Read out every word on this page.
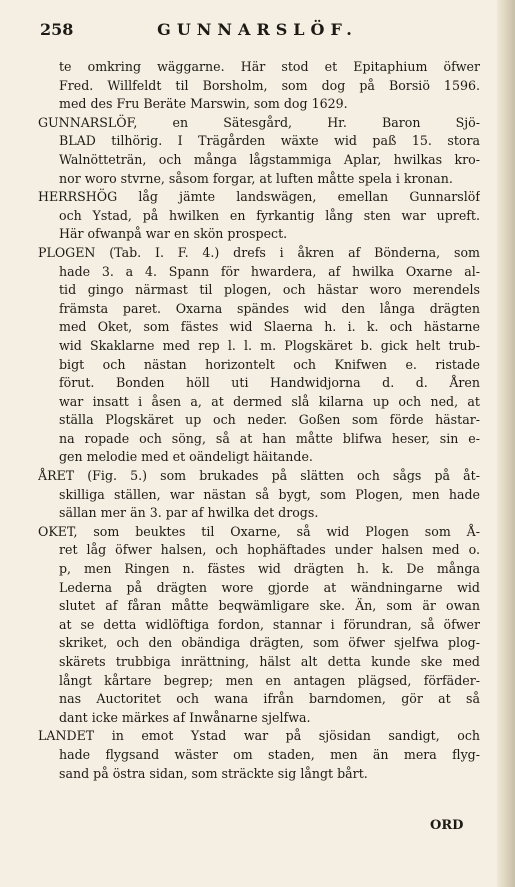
258	GUNNARSLÖF.
te omkring wäggarne. Här stod et Epitaphium öfwer
Fred. Willfeldt til Borsholm, som dog på Borsiö 1596.
med des Fru Beräte Marswin, som dog 1629.
GUNNARSLÖF, en Sätesgård, Hr. Baron Sjö-
BLAD tilhörig. I Trägården wäxte wid paß 15. stora
Walnötteträn, och många lågstammiga Aplar, hwilkas kro-
nor woro stvrne, såsom forgar, at luften måtte spela i kronan.
HERRSHÖG låg jämte landswägen, emellan Gunnarslöf
och Ystad, på hwilken en fyrkantig lång sten war upreft.
Här ofwanpå war en skön prospect.
PLOGEN (Tab. I. F. 4.) drefs i åkren af Bönderna, som
hade 3. a 4. Spann för hwardera, af hwilka Oxarne al-
tid gingo närmast til plogen, och hästar woro merendels
främsta paret. Oxarna spändes wid den långa drägten
med Oket, som fästes wid Slaerna h. i. k. och hästarne
wid Skaklarne med rep l. l. m. Plogskäret b. gick helt trub-
bigt och nästan horizontelt och Knifwen e. ristade
förut. Bonden höll uti Handwidjorna d. d. Åren
war insatt i åsen a, at dermed slå kilarna up och ned, at
ställa Plogskäret up och neder. Goßen som förde hästar-
na ropade och söng, så at han måtte blifwa heser, sin e-
gen melodie med et oändeligt häitande.
ÅRET (Fig. 5.) som brukades på slätten och sågs på åt-
skilliga ställen, war nästan så bygt, som Plogen, men hade
sällan mer än 3. par af hwilka det drogs.
OKET, som beuktes til Oxarne, så wid Plogen som Å-
ret låg öfwer halsen, och hophäftades under halsen med o.
p, men Ringen n. fästes wid drägten h. k. De många
Lederna på drägten wore gjorde at wändningarne wid
slutet af fåran måtte beqwämligare ske. Än, som är owan
at se detta widlöftiga fordon, stannar i förundran, så öfwer
skriket, och den obändiga drägten, som öfwer sjelfwa plog-
skärets trubbiga inrättning, hälst alt detta kunde ske med
långt kårtare begrep; men en antagen plägsed, förfäder-
nas Auctoritet och wana ifrån barndomen, gör at så
dant icke märkes af Inwånarne sjelfwa.
LANDET in emot Ystad war på sjösidan sandigt, och
hade flygsand wäster om staden, men än mera flyg-
sand på östra sidan, som sträckte sig långt bårt.
ORD
